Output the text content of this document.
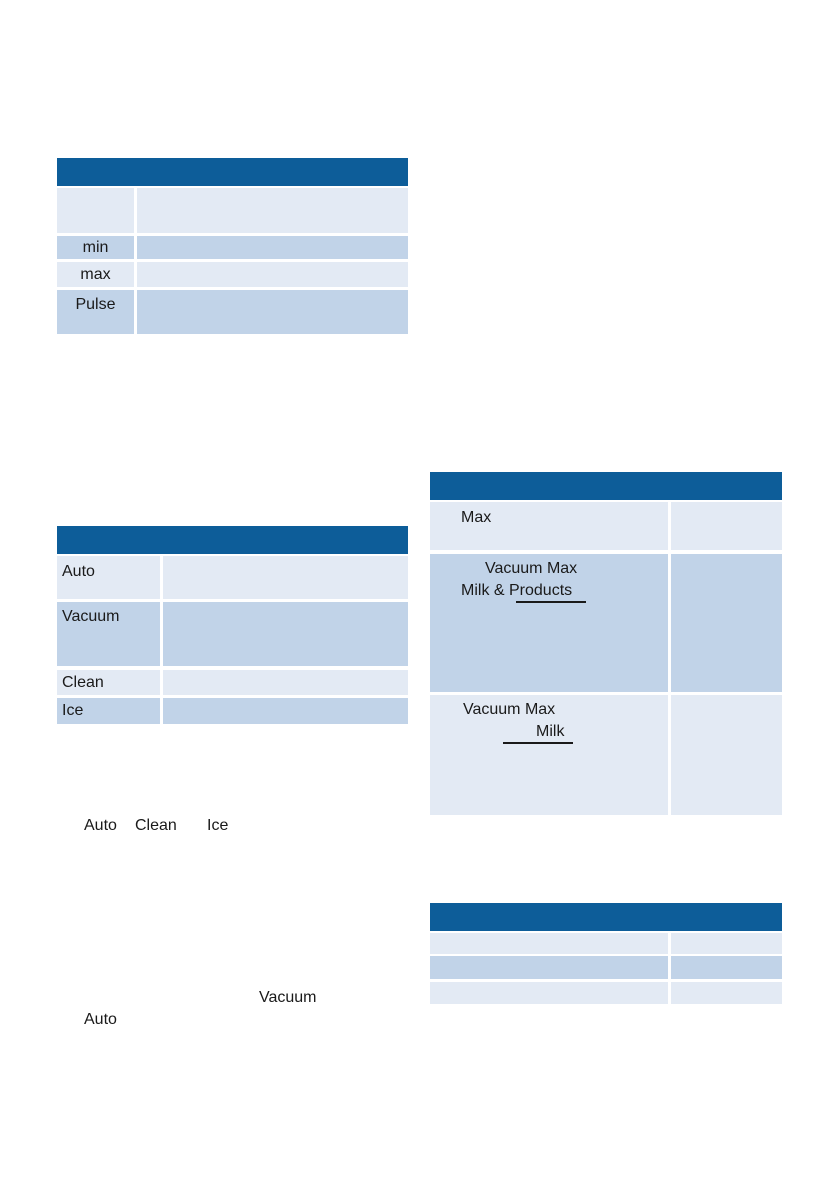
min
max
Pulse
Auto
Vacuum
Clean
Ice
Auto Clean Ice
Vacuum
Auto
Max
Vacuum Max
Milk & Products
Vacuum Max
Milk
